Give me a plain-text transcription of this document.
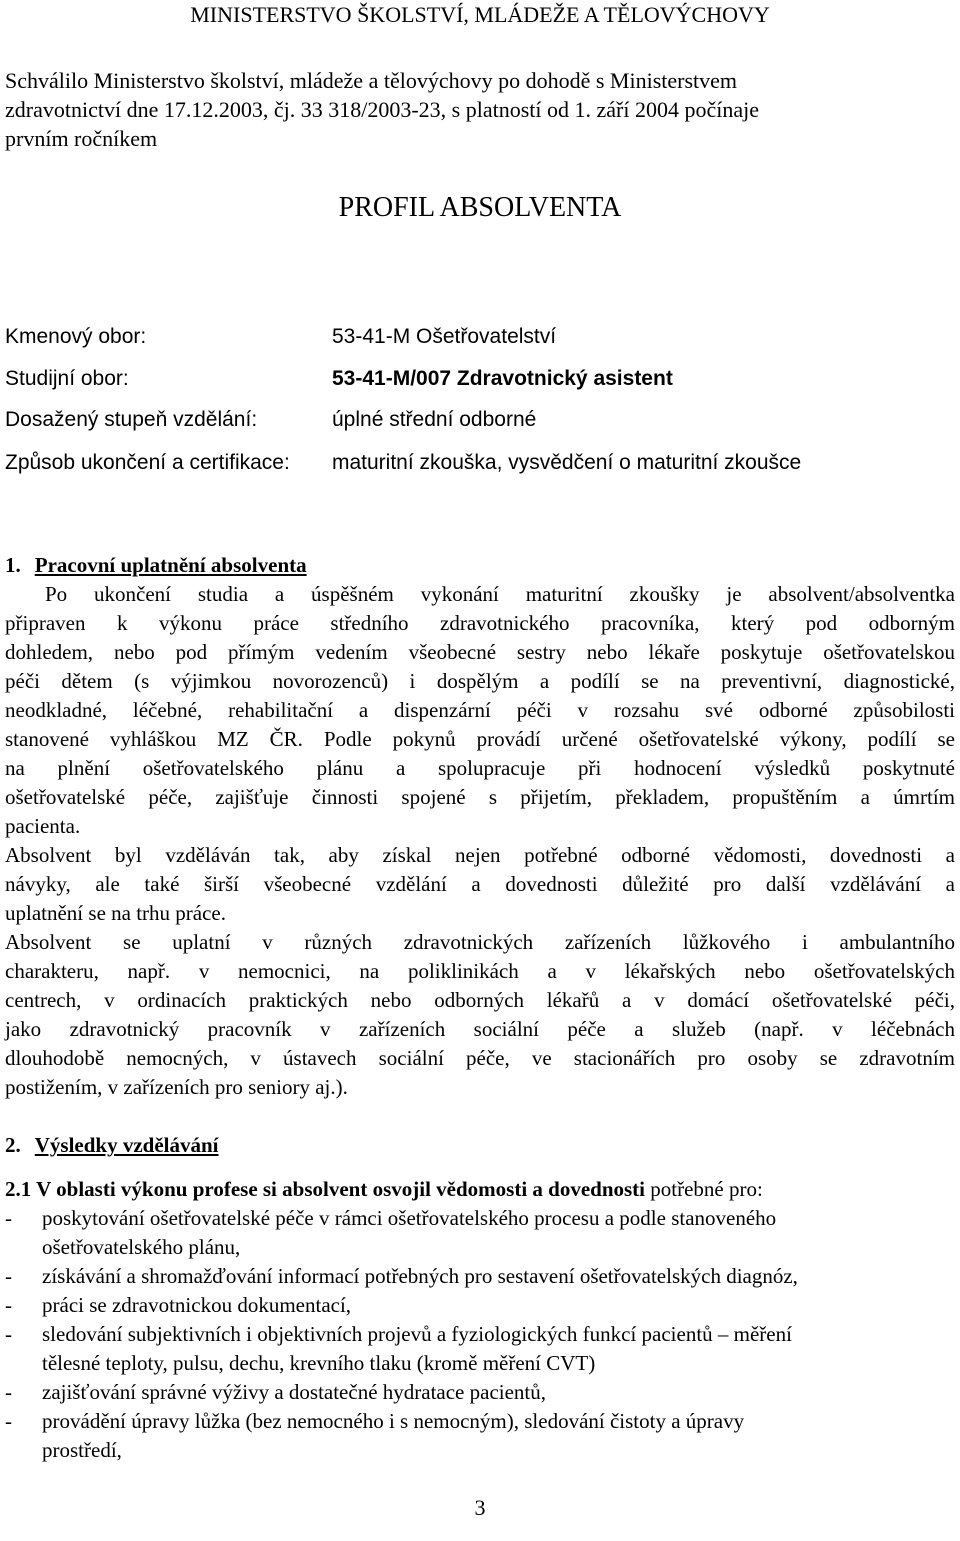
MINISTERSTVO ŠKOLSTVÍ, MLÁDEŽE A TĚLOVÝCHOVY
Schválilo Ministerstvo školství, mládeže a tělovýchovy po dohodě s Ministerstvem
zdravotnictví dne 17.12.2003, čj. 33 318/2003-23, s platností od 1. září 2004 počínaje
prvním ročníkem
PROFIL ABSOLVENTA
Kmenový obor:	53-41-M Ošetřovatelství
Studijní obor:	53-41-M/007 Zdravotnický asistent
Dosažený stupeň vzdělání:	úplné střední odborné
Způsob ukončení a certifikace: maturitní zkouška, vysvědčení o maturitní zkoušce
1. Pracovní uplatnění absolventa
Po ukončení studia a úspěšném vykonání maturitní zkoušky je absolvent/absolventka
připraven k výkonu práce středního zdravotnického pracovníka, který pod odborným
dohledem, nebo pod přímým vedením všeobecné sestry nebo lékaře poskytuje ošetřovatelskou
péči dětem (s výjimkou novorozenců) i dospělým a podílí se na preventivní, diagnostické,
neodkladné, léčebné, rehabilitační a dispenzární péči v rozsahu své odborné způsobilosti
stanovené vyhláškou MZ ČR. Podle pokynů provádí určené ošetřovatelské výkony, podílí se
na plnění ošetřovatelského plánu a spolupracuje při hodnocení výsledků poskytnuté
ošetřovatelské péče, zajišťuje činnosti spojené s přijetím, překladem, propuštěním a úmrtím
pacienta.
Absolvent byl vzděláván tak, aby získal nejen potřebné odborné vědomosti, dovednosti a
návyky, ale také širší všeobecné vzdělání a dovednosti důležité pro další vzdělávání a
uplatnění se na trhu práce.
Absolvent se uplatní v různých zdravotnických zařízeních lůžkového i ambulantního
charakteru, např. v nemocnici, na poliklinikách a v lékařských nebo ošetřovatelských
centrech, v ordinacích praktických nebo odborných lékařů a v domácí ošetřovatelské péči,
jako zdravotnický pracovník v zařízeních sociální péče a služeb (např. v léčebnách
dlouhodobě nemocných, v ústavech sociální péče, ve stacionářích pro osoby se zdravotním
postižením, v zařízeních pro seniory aj.).
2. Výsledky vzdělávání
2.1 V oblasti výkonu profese si absolvent osvojil vědomosti a dovednosti potřebné pro:
- poskytování ošetřovatelské péče v rámci ošetřovatelského procesu a podle stanoveného
ošetřovatelského plánu,
- získávání a shromažďování informací potřebných pro sestavení ošetřovatelských diagnóz,
- práci se zdravotnickou dokumentací,
- sledování subjektivních i objektivních projevů a fyziologických funkcí pacientů – měření
tělesné teploty, pulsu, dechu, krevního tlaku (kromě měření CVT)
- zajišťování správné výživy a dostatečné hydratace pacientů,
- provádění úpravy lůžka (bez nemocného i s nemocným), sledování čistoty a úpravy
prostředí,
3
